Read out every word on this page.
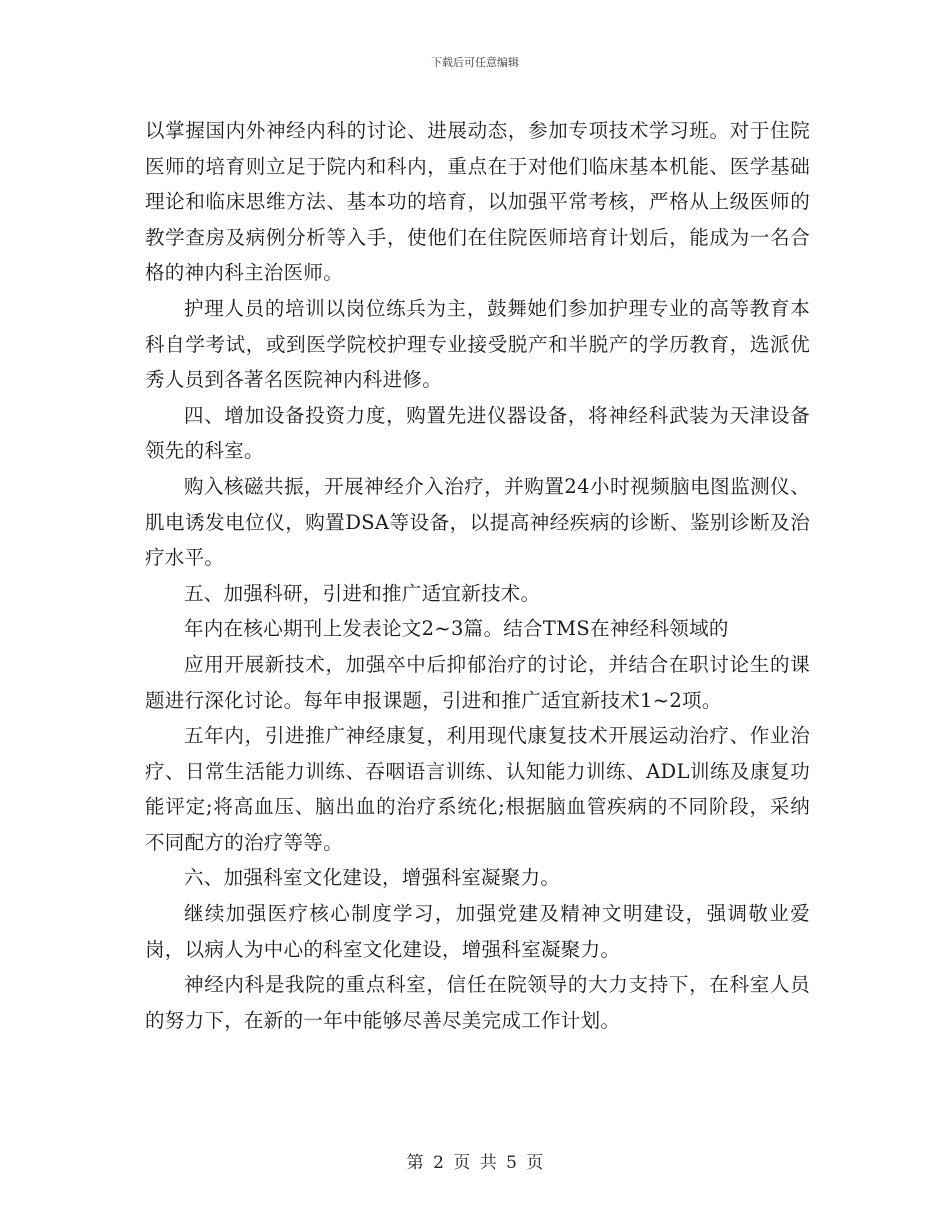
下载后可任意编辑

以掌握国内外神经内科的讨论、进展动态，参加专项技术学习班。对于住院医师的培育则立足于院内和科内，重点在于对他们临床基本机能、医学基础理论和临床思维方法、基本功的培育，以加强平常考核，严格从上级医师的教学查房及病例分析等入手，使他们在住院医师培育计划后，能成为一名合格的神内科主治医师。

护理人员的培训以岗位练兵为主，鼓舞她们参加护理专业的高等教育本科自学考试，或到医学院校护理专业接受脱产和半脱产的学历教育，选派优秀人员到各著名医院神内科进修。

四、增加设备投资力度，购置先进仪器设备，将神经科武装为天津设备领先的科室。

购入核磁共振，开展神经介入治疗，并购置24小时视频脑电图监测仪、肌电诱发电位仪，购置DSA等设备，以提高神经疾病的诊断、鉴别诊断及治疗水平。

五、加强科研，引进和推广适宜新技术。

年内在核心期刊上发表论文2~3篇。结合TMS在神经科领域的

应用开展新技术，加强卒中后抑郁治疗的讨论，并结合在职讨论生的课题进行深化讨论。每年申报课题，引进和推广适宜新技术1~2项。

五年内，引进推广神经康复，利用现代康复技术开展运动治疗、作业治疗、日常生活能力训练、吞咽语言训练、认知能力训练、ADL训练及康复功能评定;将高血压、脑出血的治疗系统化;根据脑血管疾病的不同阶段，采纳不同配方的治疗等等。

六、加强科室文化建设，增强科室凝聚力。

继续加强医疗核心制度学习，加强党建及精神文明建设，强调敬业爱岗，以病人为中心的科室文化建设，增强科室凝聚力。

神经内科是我院的重点科室，信任在院领导的大力支持下，在科室人员的努力下，在新的一年中能够尽善尽美完成工作计划。

第 2 页 共 5 页
